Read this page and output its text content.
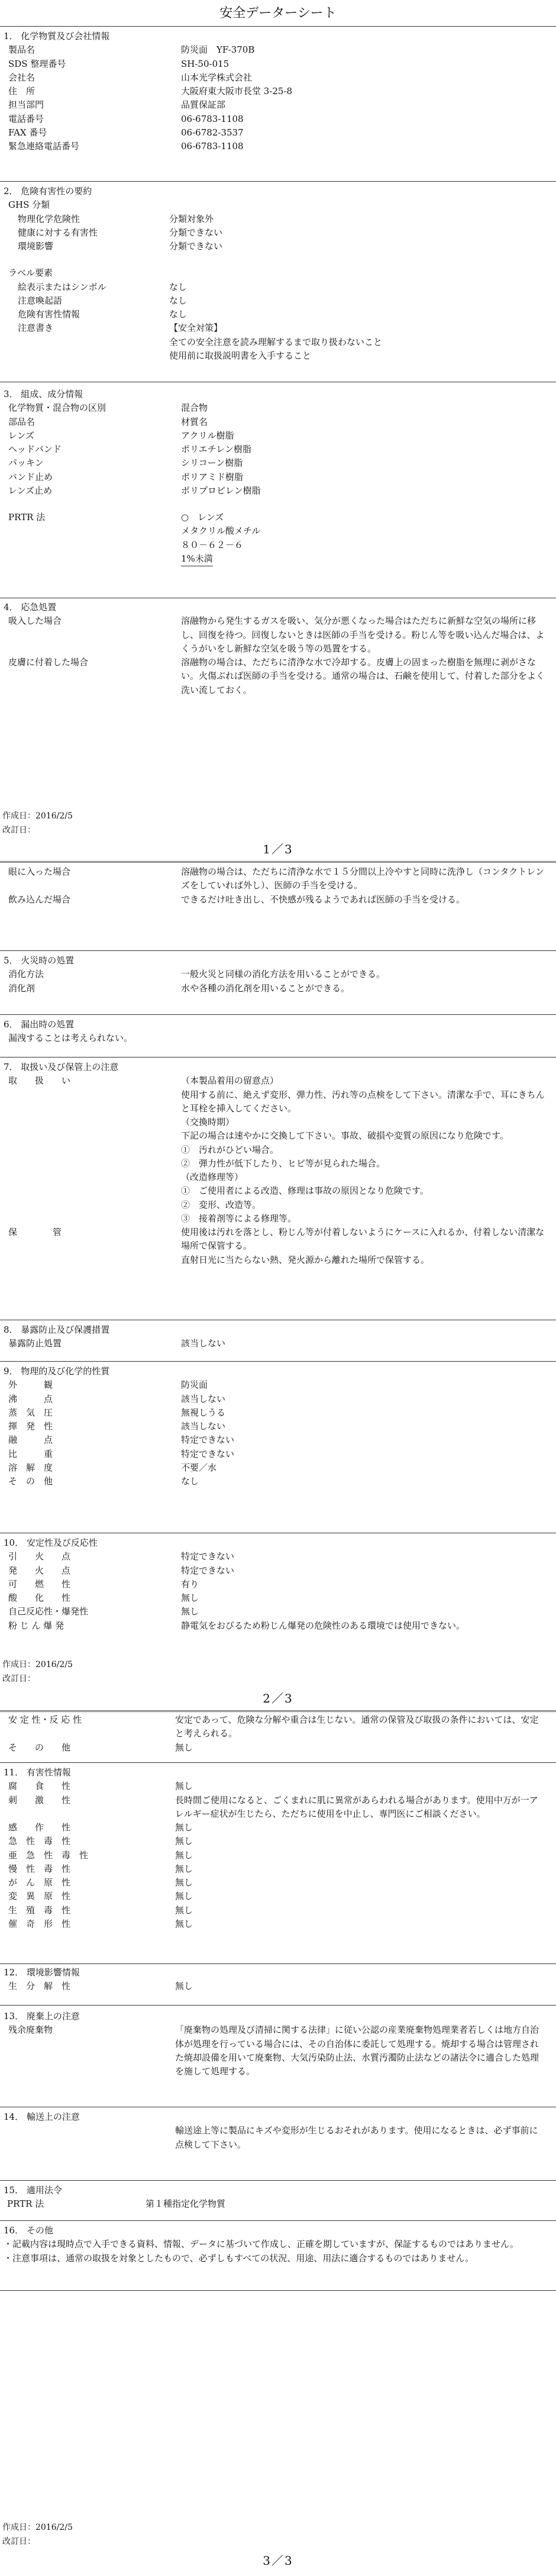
安全データーシート
1． 化学物質及び会社情報
製品名	防災面　YF-370B
SDS 整理番号	SH-50-015
会社名	山本光学株式会社
住　所	大阪府東大阪市長堂 3-25-8
担当部門	品質保証部
電話番号	06-6783-1108
FAX 番号	06-6782-3537
緊急連絡電話番号	06-6783-1108
2． 危険有害性の要約
GHS 分類
物理化学危険性	分類対象外
健康に対する有害性	分類できない
環境影響	分類できない
ラベル要素
絵表示またはシンボル	なし
注意喚起語	なし
危険有害性情報	なし
注意書き	【安全対策】
全ての安全注意を読み理解するまで取り扱わないこと
使用前に取扱説明書を入手すること
3． 組成、成分情報
化学物質・混合物の区別	混合物
部品名	材質名
レンズ	アクリル樹脂
ヘッドバンド	ポリエチレン樹脂
パッキン	シリコーン樹脂
バンド止め	ポリアミド樹脂
レンズ止め	ポリプロピレン樹脂
PRTR 法	○　レンズ
メタクリル酸メチル
８０－６２－６
1%未満
4． 応急処置
吸入した場合	溶融物から発生するガスを吸い、気分が悪くなった場合はただちに新鮮な空気の場所に移し、回復を待つ。回復しないときは医師の手当を受ける。粉じん等を吸い込んだ場合は、よくうがいをし新鮮な空気を吸う等の処置をする。
皮膚に付着した場合	溶融物の場合は、ただちに清浄な水で冷却する。皮膚上の固まった樹脂を無理に剥がさない。火傷ぶれば医師の手当を受ける。通常の場合は、石鹸を使用して、付着した部分をよく洗い流しておく。
作成日：2016/2/5
改訂日：
1／3
眼に入った場合	溶融物の場合は、ただちに清浄な水で１５分間以上冷やすと同時に洗浄し（コンタクトレンズをしていれば外し）、医師の手当を受ける。
飲み込んだ場合	できるだけ吐き出し、不快感が残るようであれば医師の手当を受ける。
5． 火災時の処置
消化方法	一般火災と同様の消化方法を用いることができる。
消化剤	水や各種の消化剤を用いることができる。
6． 漏出時の処置
漏洩することは考えられない。
7． 取扱い及び保管上の注意
取　　扱　　い	（本製品着用の留意点）
使用する前に、絶えず変形、弾力性、汚れ等の点検をして下さい。清潔な手で、耳にきちんと耳栓を挿入してください。
（交換時期）
下記の場合は速やかに交換して下さい。事故、破損や変質の原因になり危険です。
①　汚れがひどい場合。
②　弾力性が低下したり、ヒビ等が見られた場合。
（改造修理等）
①　ご使用者による改造、修理は事故の原因となり危険です。
②　変形、改造等。
③　接着剤等による修理等。
保　　　　管	使用後は汚れを落とし、粉じん等が付着しないようにケースに入れるか、付着しない清潔な場所で保管する。
直射日光に当たらない熱、発火源から離れた場所で保管する。
8． 暴露防止及び保護措置
暴露防止処置	該当しない
9． 物理的及び化学的性質
外　　　観	防災面
沸　　　点	該当しない
蒸　気　圧	無視しうる
揮　発　性	該当しない
融　　　点	特定できない
比　　　重	特定できない
溶　解　度	不要／水
そ　の　他	なし
10． 安定性及び反応性
引　　火　　点	特定できない
発　　火　　点	特定できない
可　　燃　　性	有り
酸　　化　　性	無し
自己反応性・爆発性	無し
粉 じ ん 爆 発	静電気をおびるため粉じん爆発の危険性のある環境では使用できない。
作成日：2016/2/5
改訂日：
2／3
安 定 性・反 応 性	安定であって、危険な分解や重合は生じない。通常の保管及び取扱の条件においては、安定と考えられる。
そ　　の　　他	無し
11． 有害性情報
腐　　食　　性	無し
刺　　激　　性	長時間ご使用になると、ごくまれに肌に異常があらわれる場合があります。使用中万が一アレルギー症状が生じたら、ただちに使用を中止し、専門医にご相談ください。
感　　作　　性	無し
急　性　毒　性	無し
亜　急　性　毒　性	無し
慢　性　毒　性	無し
が　ん　原　性	無し
変　異　原　性	無し
生　殖　毒　性	無し
催　奇　形　性	無し
12． 環境影響情報
生　分　解　性	無し
13． 廃棄上の注意
残余廃棄物	「廃棄物の処理及び清掃に関する法律」に従い公認の産業廃棄物処理業者若しくは地方自治体が処理を行っている場合には、その自治体に委託して処理する。焼却する場合は管理された焼却設備を用いて廃棄物、大気汚染防止法、水質汚濁防止法などの諸法令に適合した処理を施して処理する。
14． 輸送上の注意
輸送途上等に製品にキズや変形が生じるおそれがあります。使用になるときは、必ず事前に点検して下さい。
15． 適用法令
PRTR 法	第１種指定化学物質
16． その他
・記載内容は現時点で入手できる資料、情報、データに基づいて作成し、正確を期していますが、保証するものではありません。
・注意事項は、通常の取扱を対象としたもので、必ずしもすべての状況、用途、用法に適合するものではありません。
作成日：2016/2/5
改訂日：
3／3
